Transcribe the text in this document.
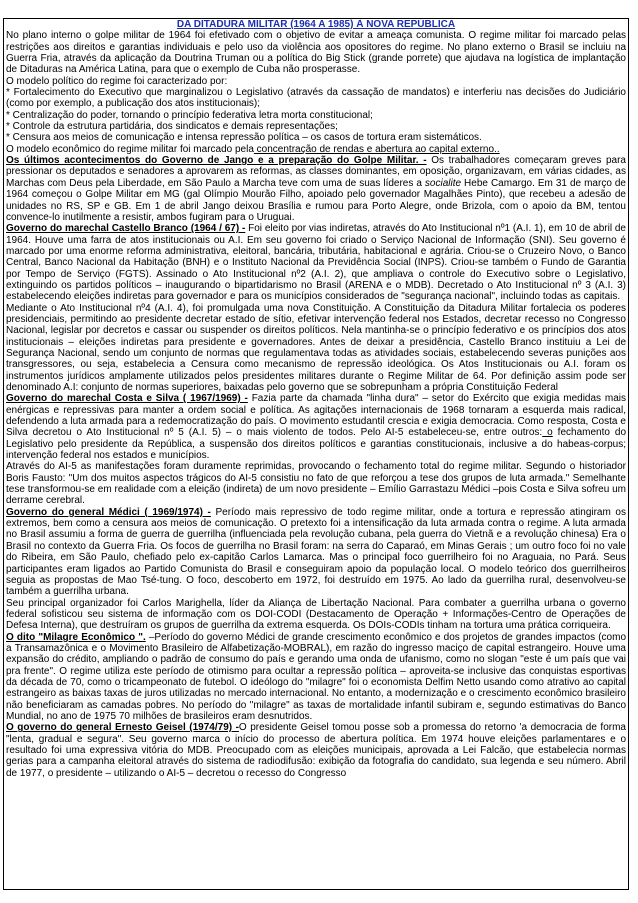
DA DITADURA MILITAR (1964 A 1985) À NOVA REPÚBLICA

No plano interno o golpe militar de 1964 foi efetivado com o objetivo de evitar a ameaça comunista. O regime militar foi marcado pelas restrições aos direitos e garantias individuais e pelo uso da violência aos opositores do regime. No plano externo o Brasil se incluiu na Guerra Fria, através da aplicação da Doutrina Truman ou a política do Big Stick (grande porrete) que ajudava na logística de implantação de Ditaduras na América Latina, para que o exemplo de Cuba não prosperasse.

O modelo político do regime foi caracterizado por:

* Fortalecimento do Executivo que marginalizou o Legislativo (através da cassação de mandatos) e interferiu nas decisões do Judiciário (como por exemplo, a publicação dos atos institucionais);

* Centralização do poder, tornando o princípio federativa letra morta constitucional;

* Controle da estrutura partidária, dos sindicatos e demais representações;

* Censura aos meios de comunicação e intensa repressão política – os casos de tortura eram sistemáticos.

O modelo econômico do regime militar foi marcado pela concentração de rendas e abertura ao capital externo..

Os últimos acontecimentos do Governo de Jango e a preparação do Golpe Militar. - Os trabalhadores começaram greves para pressionar os deputados e senadores a aprovarem as reformas, as classes dominantes, em oposição, organizavam, em várias cidades, as Marchas com Deus pela Liberdade, em São Paulo a Marcha teve com uma de suas líderes a socialite Hebe Camargo. Em 31 de março de 1964 começou o Golpe Militar em MG (gal Olímpio Mourão Filho, apoiado pelo governador Magalhães Pinto), que recebeu a adesão de unidades no RS, SP e GB. Em 1 de abril Jango deixou Brasília e rumou para Porto Alegre, onde Brizola, com o apoio da BM, tentou convence-lo inutilmente a resistir, ambos fugiram para o Uruguai.

Governo do marechal Castello Branco (1964 / 67) - Foi eleito por vias indiretas, através do Ato Institucional nº1 (A.I. 1), em 10 de abril de 1964. Houve uma farra de atos institucionais ou A.I. Em seu governo foi criado o Serviço Nacional de Informação (SNI). Seu governo é marcado por uma enorme reforma administrativa, eleitoral, bancária, tributária, habitacional e agrária. Criou-se o Cruzeiro Novo, o Banco Central, Banco Nacional da Habitação (BNH) e o Instituto Nacional da Previdência Social (INPS). Criou-se também o Fundo de Garantia por Tempo de Serviço (FGTS). Assinado o Ato Institucional nº2 (A.I. 2), que ampliava o controle do Executivo sobre o Legislativo, extinguindo os partidos políticos – inaugurando o bipartidarismo no Brasil (ARENA e o MDB). Decretado o Ato Institucional nº 3 (A.I. 3) estabelecendo eleições indiretas para governador e para os municípios considerados de "segurança nacional", incluindo todas as capitais.

Mediante o Ato Institucional nº4 (A.I. 4), foi promulgada uma nova Constituição. A Constituição da Ditadura Militar fortalecia os poderes presidenciais, permitindo ao presidente decretar estado de sítio, efetivar intervenção federal nos Estados, decretar recesso no Congresso Nacional, legislar por decretos e cassar ou suspender os direitos políticos. Nela mantinha-se o princípio federativo e os princípios dos atos institucionais – eleições indiretas para presidente e governadores. Antes de deixar a presidência, Castello Branco instituiu a Lei de Segurança Nacional, sendo um conjunto de normas que regulamentava todas as atividades sociais, estabelecendo severas punições aos transgressores, ou seja, estabelecia a Censura como mecanismo de repressão ideológica. Os Atos Institucionais ou A.I. foram os instrumentos jurídicos amplamente utilizados pelos presidentes militares durante o Regime Militar de 64. Por definição assim pode ser denominado A.I: conjunto de normas superiores, baixadas pelo governo que se sobrepunham a própria Constituição Federal

Governo do marechal Costa e Silva ( 1967/1969) - Fazia parte da chamada "linha dura" – setor do Exército que exigia medidas mais enérgicas e repressivas para manter a ordem social e política. As agitações internacionais de 1968 tornaram a esquerda mais radical, defendendo a luta armada para a redemocratização do país. O movimento estudantil crescia e exigia democracia. Como resposta, Costa e Silva decretou o Ato Institucional nº 5 (A.I. 5) – o mais violento de todos. Pelo AI-5 estabeleceu-se, entre outros: o fechamento do Legislativo pelo presidente da República, a suspensão dos direitos políticos e garantias constitucionais, inclusive a do habeas-corpus; intervenção federal nos estados e municípios.

Através do AI-5 as manifestações foram duramente reprimidas, provocando o fechamento total do regime militar. Segundo o historiador Boris Fausto: "Um dos muitos aspectos trágicos do AI-5 consistiu no fato de que reforçou a tese dos grupos de luta armada." Semelhante tese transformou-se em realidade com a eleição (indireta) de um novo presidente – Emílio Garrastazu Médici –pois Costa e Silva sofreu um derrame cerebral.

Governo do general Médici ( 1969/1974) - Período mais repressivo de todo regime militar, onde a tortura e repressão atingiram os extremos, bem como a censura aos meios de comunicação. O pretexto foi a intensificação da luta armada contra o regime. A luta armada no Brasil assumiu a forma de guerra de guerrilha (influenciada pela revolução cubana, pela guerra do Vietnã e a revolução chinesa) Era o Brasil no contexto da Guerra Fria. Os focos de guerrilha no Brasil foram: na serra do Caparaó, em Minas Gerais ; um outro foco foi no vale do Ribeira, em São Paulo, chefiado pelo ex-capitão Carlos Lamarca. Mas o principal foco guerrilheiro foi no Araguaia, no Pará. Seus participantes eram ligados ao Partido Comunista do Brasil e conseguiram apoio da população local. O modelo teórico dos guerrilheiros seguia as propostas de Mao Tsé-tung. O foco, descoberto em 1972, foi destruído em 1975. Ao lado da guerrilha rural, desenvolveu-se também a guerrilha urbana.

Seu principal organizador foi Carlos Marighella, líder da Aliança de Libertação Nacional. Para combater a guerrilha urbana o governo federal sofisticou seu sistema de informação com os DOI-CODI (Destacamento de Operação + Informações-Centro de Operações de Defesa Interna), que destruíram os grupos de guerrilha da extrema esquerda. Os DOIs-CODIs tinham na tortura uma prática corriqueira.

O dito "Milagre Econômico ". –Período do governo Médici de grande crescimento econômico e dos projetos de grandes impactos (como a Transamazônica e o Movimento Brasileiro de Alfabetização-MOBRAL), em razão do ingresso maciço de capital estrangeiro. Houve uma expansão do crédito, ampliando o padrão de consumo do país e gerando uma onda de ufanismo, como no slogan "este é um país que vai pra frente". O regime utiliza este período de otimismo para ocultar a repressão política – aproveita-se inclusive das conquistas esportivas da década de 70, como o tricampeonato de futebol. O ideólogo do "milagre" foi o economista Delfim Netto usando como atrativo ao capital estrangeiro as baixas taxas de juros utilizadas no mercado internacional. No entanto, a modernização e o crescimento econômico brasileiro não beneficiaram as camadas pobres. No período do "milagre" as taxas de mortalidade infantil subiram e, segundo estimativas do Banco Mundial, no ano de 1975 70 milhões de brasileiros eram desnutridos.

O governo do general Ernesto Geisel (1974/79) -O presidente Geisel tomou posse sob a promessa do retorno 'a democracia de forma "lenta, gradual e segura". Seu governo marca o início do processo de abertura política. Em 1974 houve eleições parlamentares e o resultado foi uma expressiva vitória do MDB. Preocupado com as eleições municipais, aprovada a Lei Falcão, que estabelecia normas gerias para a campanha eleitoral através do sistema de radiodifusão: exibição da fotografia do candidato, sua legenda e seu número. Abril de 1977, o presidente – utilizando o AI-5 – decretou o recesso do Congresso
